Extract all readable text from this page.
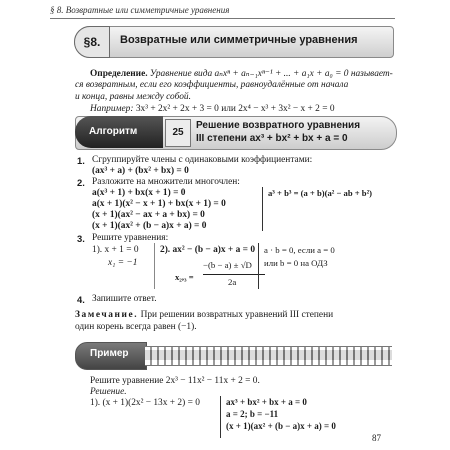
§ 8. Возвратные или симметричные уравнения
§8.	Возвратные или симметричные уравнения
Определение. Уравнение вида aₙxⁿ + aₙ₋₁xⁿ⁻¹ + ... + a₁x + a₀ = 0 называет-
ся возвратным, если его коэффициенты, равноудалённые от начала
и конца, равны между собой.
Например: 3x³ + 2x² + 2x + 3 = 0 или 2x⁴ − x³ + 3x² − x + 2 = 0
Алгоритм	25
Решение возвратного уравнения
III степени ax³ + bx² + bx + a = 0
1. Сгруппируйте члены с одинаковыми коэффициентами:
(ax³ + a) + (bx² + bx) = 0
2. Разложите на множители многочлен:
a(x³ + 1) + bx(x + 1) = 0
a(x + 1)(x² − x + 1) + bx(x + 1) = 0
(x + 1)(ax² − ax + a + bx) = 0
(x + 1)(ax² + (b − a)x + a) = 0
a³ + b³ = (a + b)(a² − ab + b²)
3. Решите уравнения:
1). x + 1 = 0
x₁ = −1
2). ax² − (b − a)x + a = 0
x₂,₃ =
−(b − a) ± √D
2a
a · b = 0, если a = 0
или b = 0 на ОДЗ
4. Запишите ответ.
Замечание. При решении возвратных уравнений III степени
один корень всегда равен (−1).
Пример
Решите уравнение 2x³ − 11x² − 11x + 2 = 0.
Решение.
1). (x + 1)(2x² − 13x + 2) = 0	ax³ + bx² + bx + a = 0
a = 2; b = −11
(x + 1)(ax² + (b − a)x + a) = 0
87
